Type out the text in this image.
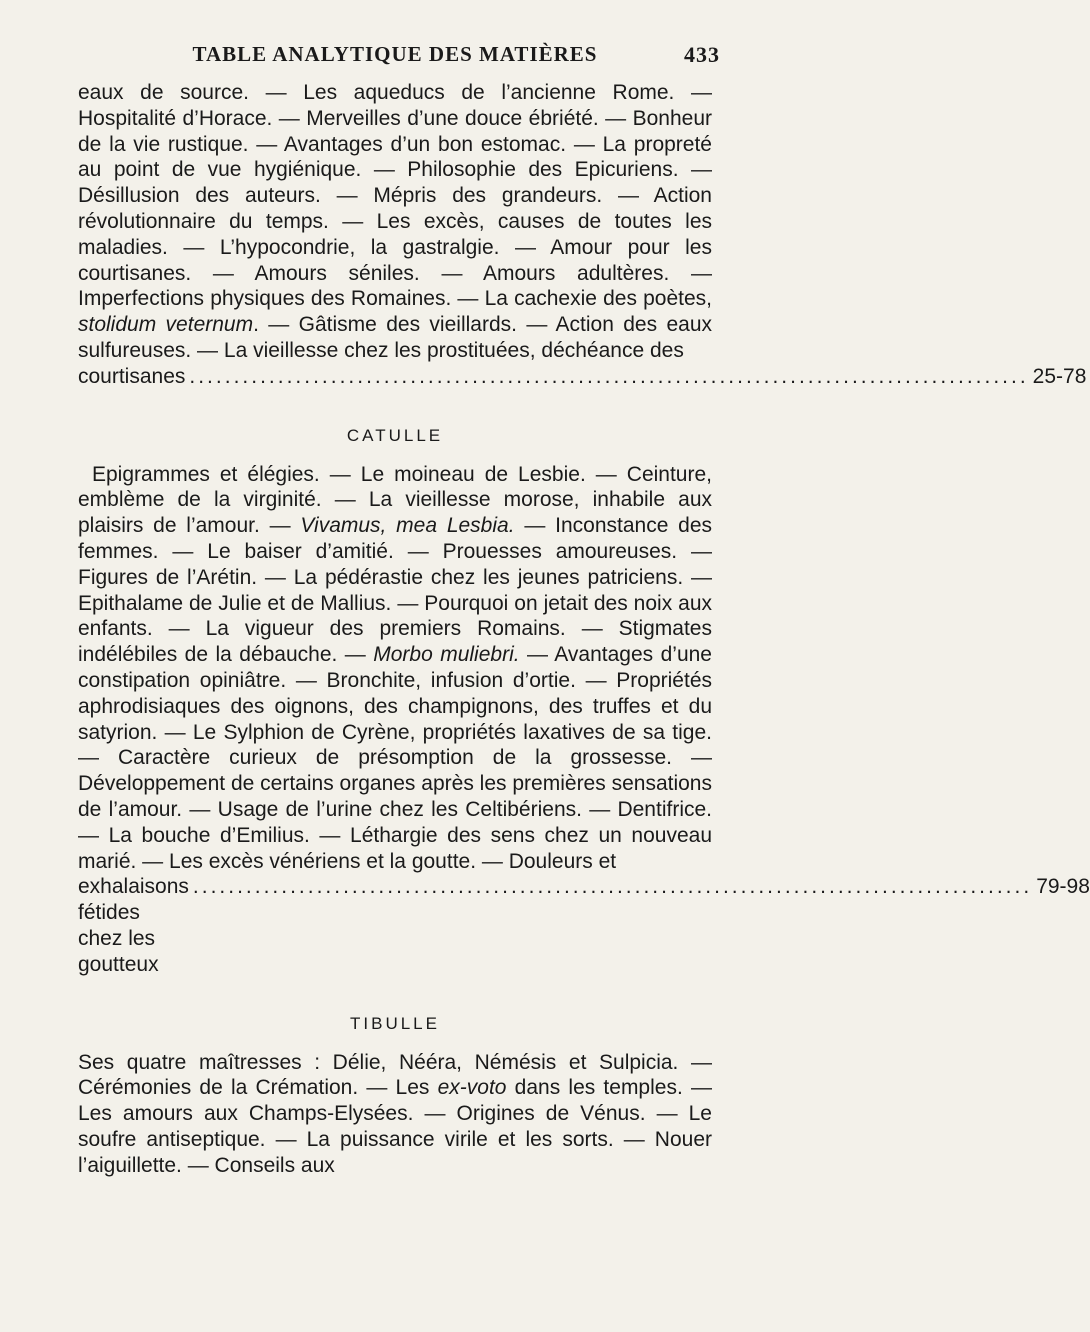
TABLE ANALYTIQUE DES MATIÈRES	433

eaux de source. — Les aqueducs de l’ancienne Rome. — Hospitalité d’Horace. — Merveilles d’une douce ébriété. — Bonheur de la vie rustique. — Avantages d’un bon estomac. — La propreté au point de vue hygiénique. — Philosophie des Epicuriens. — Désillusion des auteurs. — Mépris des grandeurs. — Action révolutionnaire du temps. — Les excès, causes de toutes les maladies. — L’hypocondrie, la gastralgie. — Amour pour les courtisanes. — Amours séniles. — Amours adultères. — Imperfections physiques des Romaines. — La cachexie des poètes, stolidum veternum. — Gâtisme des vieillards. — Action des eaux sulfureuses. — La vieillesse chez les prostituées, déchéance des

courtisanes ............................................................................................... 25-78
CATULLE

Epigrammes et élégies. — Le moineau de Lesbie. — Ceinture, emblème de la virginité. — La vieillesse morose, inhabile aux plaisirs de l’amour. — Vivamus, mea Lesbia. — Inconstance des femmes. — Le baiser d’amitié. — Prouesses amoureuses. — Figures de l’Arétin. — La pédérastie chez les jeunes patriciens. — Epithalame de Julie et de Mallius. — Pourquoi on jetait des noix aux enfants. — La vigueur des premiers Romains. — Stigmates indélébiles de la débauche. — Morbo muliebri. — Avantages d’une constipation opiniâtre. — Bronchite, infusion d’ortie. — Propriétés aphrodisiaques des oignons, des champignons, des truffes et du satyrion. — Le Sylphion de Cyrène, propriétés laxatives de sa tige. — Caractère curieux de présomption de la grossesse. — Développement de certains organes après les premières sensations de l’amour. — Usage de l’urine chez les Celtibériens. — Dentifrice. — La bouche d’Emilius. — Léthargie des sens chez un nouveau marié. — Les excès vénériens et la goutte. — Douleurs et

exhalaisons fétides chez les goutteux
............................................................................................... 79-98
TIBULLE

Ses quatre maîtresses : Délie, Nééra, Némésis et Sulpicia. — Cérémonies de la Crémation. — Les ex-voto dans les temples. — Les amours aux Champs-Elysées. — Origines de Vénus. — Le soufre antiseptique. — La puissance virile et les sorts. — Nouer l’aiguillette. — Conseils aux
